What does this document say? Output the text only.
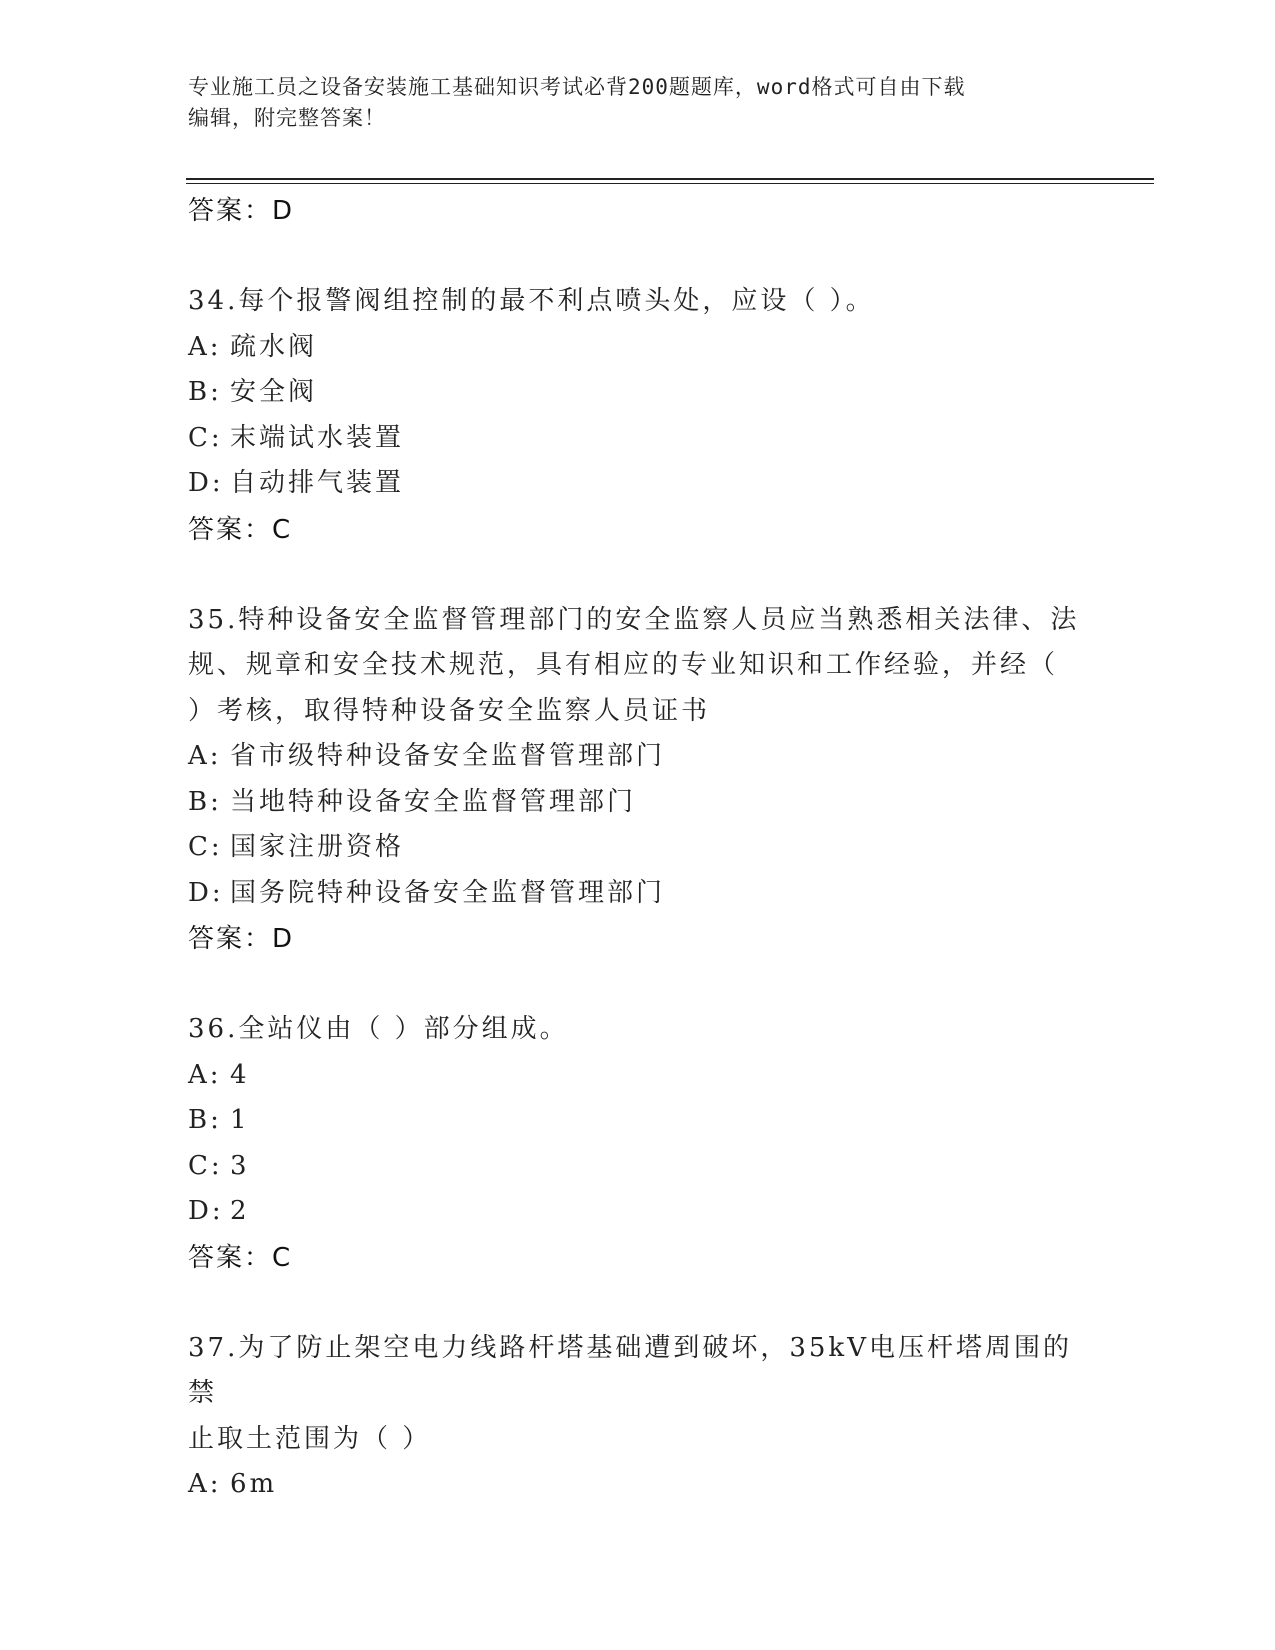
专业施工员之设备安装施工基础知识考试必背200题题库，word格式可自由下载
编辑，附完整答案！
答案：D
34.每个报警阀组控制的最不利点喷头处，应设（ ）。
A: 疏水阀
B: 安全阀
C: 末端试水装置
D: 自动排气装置
答案：C
35.特种设备安全监督管理部门的安全监察人员应当熟悉相关法律、法
规、规章和安全技术规范，具有相应的专业知识和工作经验，并经（
）考核，取得特种设备安全监察人员证书
A: 省市级特种设备安全监督管理部门
B: 当地特种设备安全监督管理部门
C: 国家注册资格
D: 国务院特种设备安全监督管理部门
答案：D
36.全站仪由（ ）部分组成。
A: 4
B: 1
C: 3
D: 2
答案：C
37.为了防止架空电力线路杆塔基础遭到破坏，35kV电压杆塔周围的禁
止取土范围为（ ）
A: 6m
